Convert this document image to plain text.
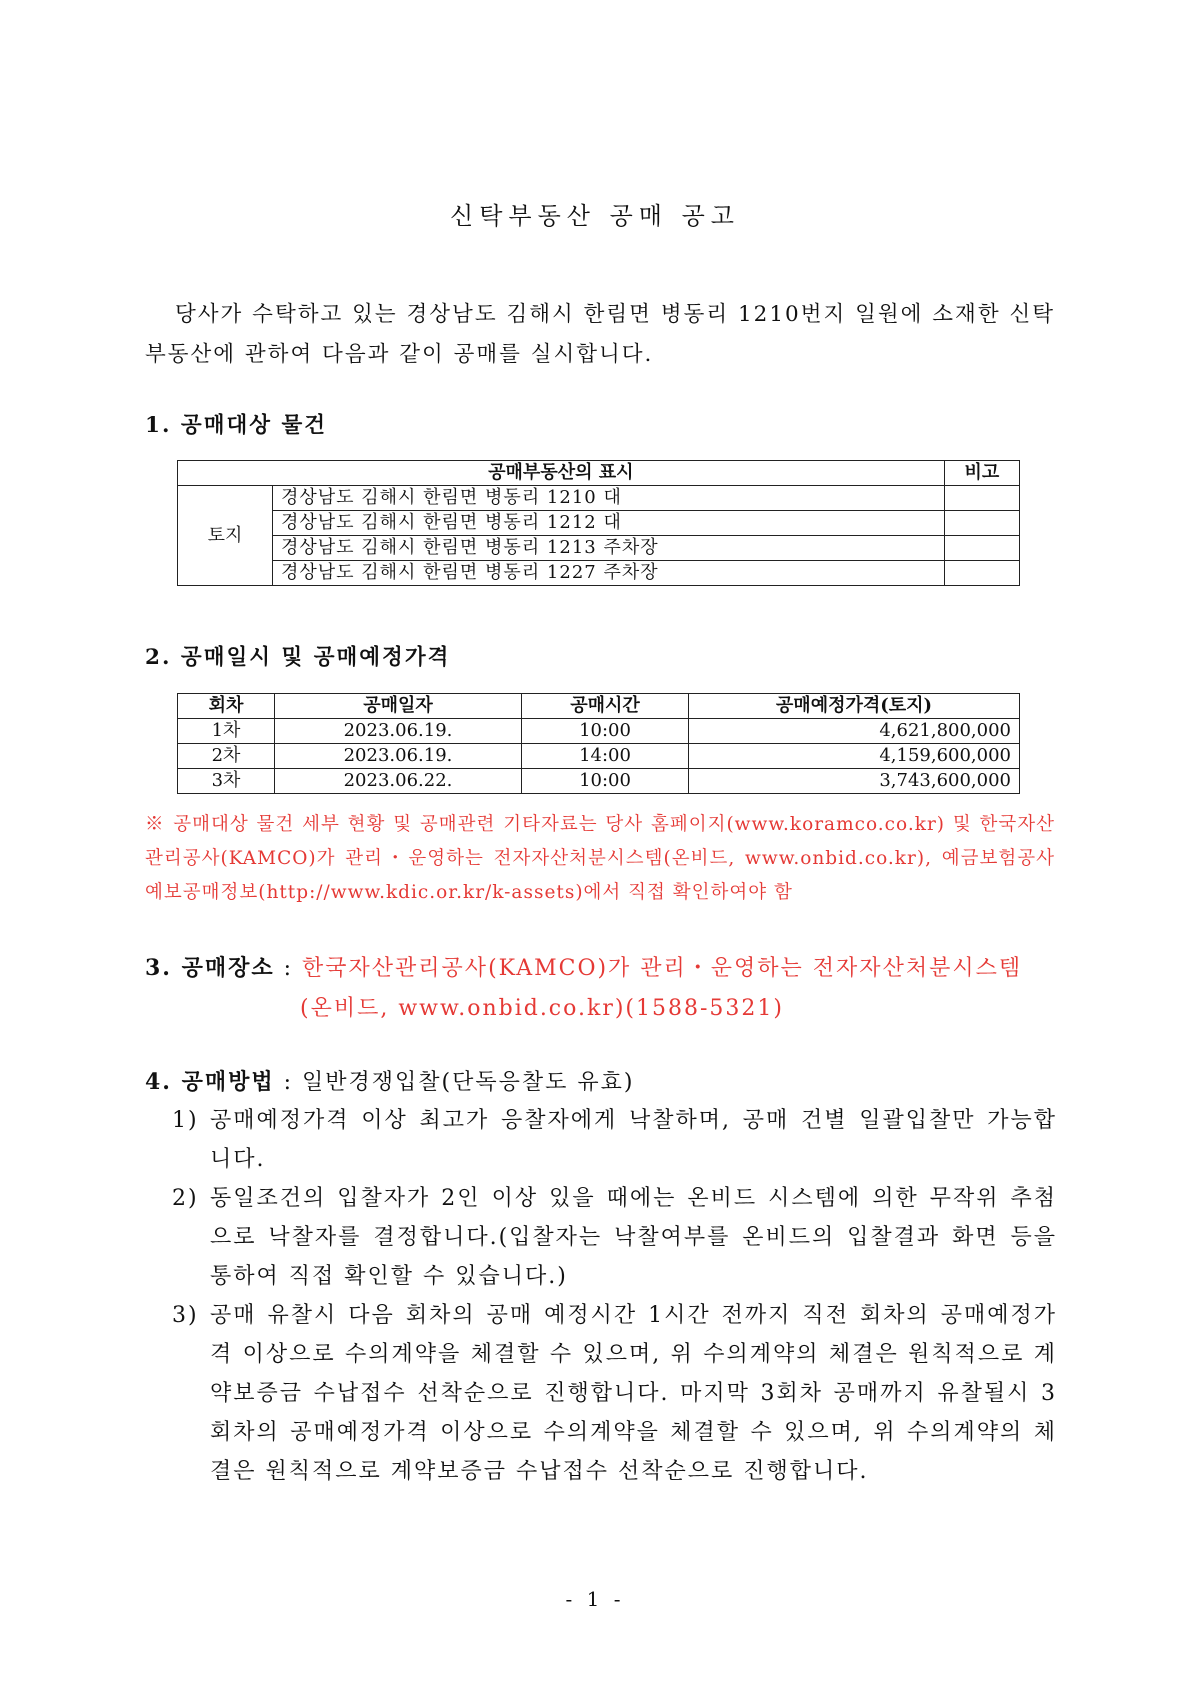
신탁부동산 공매 공고
당사가 수탁하고 있는 경상남도 김해시 한림면 병동리 1210번지 일원에 소재한 신탁부동산에 관하여 다음과 같이 공매를 실시합니다.
1. 공매대상 물건
공매부동산의 표시		비고
토지	경상남도 김해시 한림면 병동리 1210 대	
	경상남도 김해시 한림면 병동리 1212 대	
	경상남도 김해시 한림면 병동리 1213 주차장	
	경상남도 김해시 한림면 병동리 1227 주차장	
2. 공매일시 및 공매예정가격
회차	공매일자	공매시간	공매예정가격(토지)
1차	2023.06.19.	10:00	4,621,800,000
2차	2023.06.19.	14:00	4,159,600,000
3차	2023.06.22.	10:00	3,743,600,000
※ 공매대상 물건 세부 현황 및 공매관련 기타자료는 당사 홈페이지(www.koramco.co.kr) 및 한국자산관리공사(KAMCO)가 관리・운영하는 전자자산처분시스템(온비드, www.onbid.co.kr), 예금보험공사 예보공매정보(http://www.kdic.or.kr/k-assets)에서 직접 확인하여야 함
3. 공매장소 : 한국자산관리공사(KAMCO)가 관리・운영하는 전자자산처분시스템
(온비드, www.onbid.co.kr)(1588-5321)
4. 공매방법 : 일반경쟁입찰(단독응찰도 유효)
1) 공매예정가격 이상 최고가 응찰자에게 낙찰하며, 공매 건별 일괄입찰만 가능합니다.
2) 동일조건의 입찰자가 2인 이상 있을 때에는 온비드 시스템에 의한 무작위 추첨으로 낙찰자를 결정합니다.(입찰자는 낙찰여부를 온비드의 입찰결과 화면 등을 통하여 직접 확인할 수 있습니다.)
3) 공매 유찰시 다음 회차의 공매 예정시간 1시간 전까지 직전 회차의 공매예정가격 이상으로 수의계약을 체결할 수 있으며, 위 수의계약의 체결은 원칙적으로 계약보증금 수납접수 선착순으로 진행합니다. 마지막 3회차 공매까지 유찰될시 3회차의 공매예정가격 이상으로 수의계약을 체결할 수 있으며, 위 수의계약의 체결은 원칙적으로 계약보증금 수납접수 선착순으로 진행합니다.
- 1 -
